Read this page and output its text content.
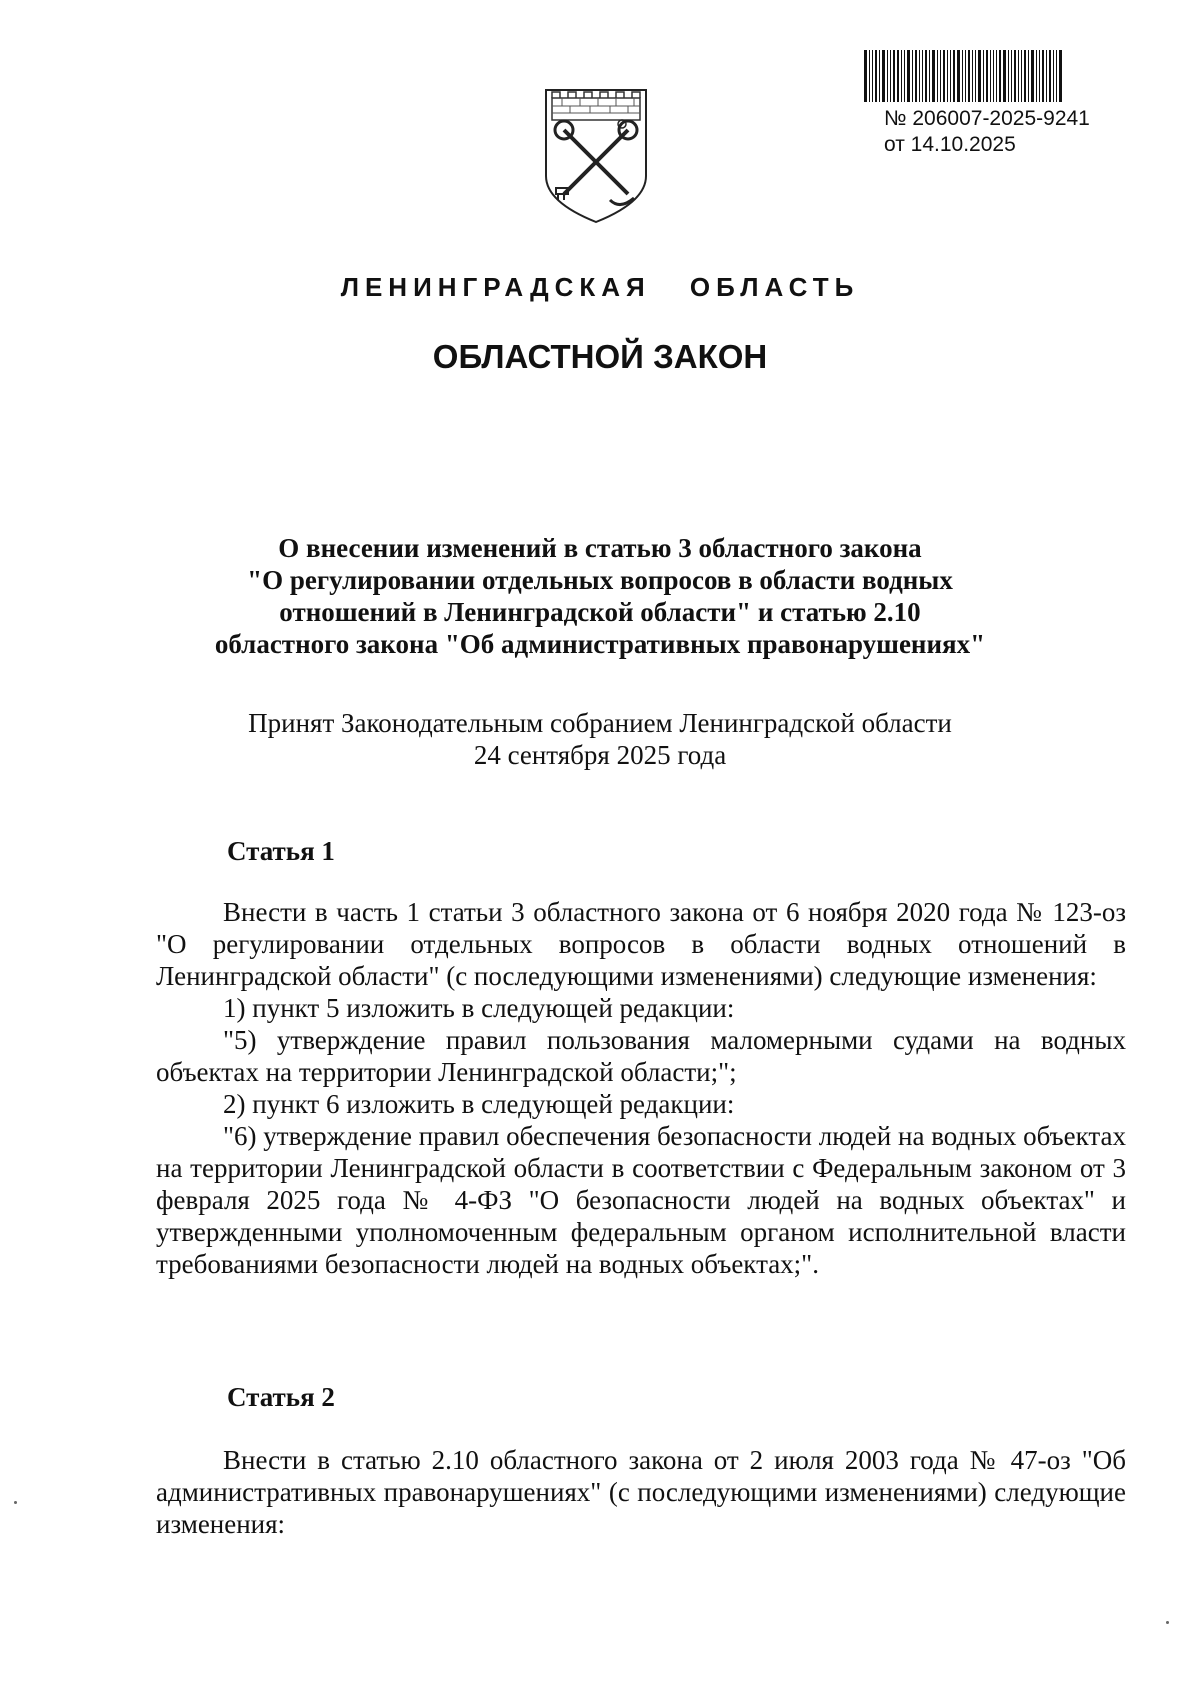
№ 206007-2025-9241
от 14.10.2025
ЛЕНИНГРАДСКАЯ ОБЛАСТЬ
ОБЛАСТНОЙ ЗАКОН
О внесении изменений в статью 3 областного закона
"О регулировании отдельных вопросов в области водных
отношений в Ленинградской области" и статью 2.10
областного закона "Об административных правонарушениях"
Принят Законодательным собранием Ленинградской области
24 сентября 2025 года
Статья 1

Внести в часть 1 статьи 3 областного закона от 6 ноября 2020 года № 123-оз "О регулировании отдельных вопросов в области водных отношений в Ленинградской области" (с последующими изменениями) следующие изменения:

1) пункт 5 изложить в следующей редакции:

"5) утверждение правил пользования маломерными судами на водных объектах на территории Ленинградской области;";

2) пункт 6 изложить в следующей редакции:

"6) утверждение правил обеспечения безопасности людей на водных объектах на территории Ленинградской области в соответствии с Федеральным законом от 3 февраля 2025 года № 4-ФЗ "О безопасности людей на водных объектах" и утвержденными уполномоченным федеральным органом исполнительной власти требованиями безопасности людей на водных объектах;".

Статья 2

Внести в статью 2.10 областного закона от 2 июля 2003 года № 47-оз "Об административных правонарушениях" (с последующими изменениями) следующие изменения:
